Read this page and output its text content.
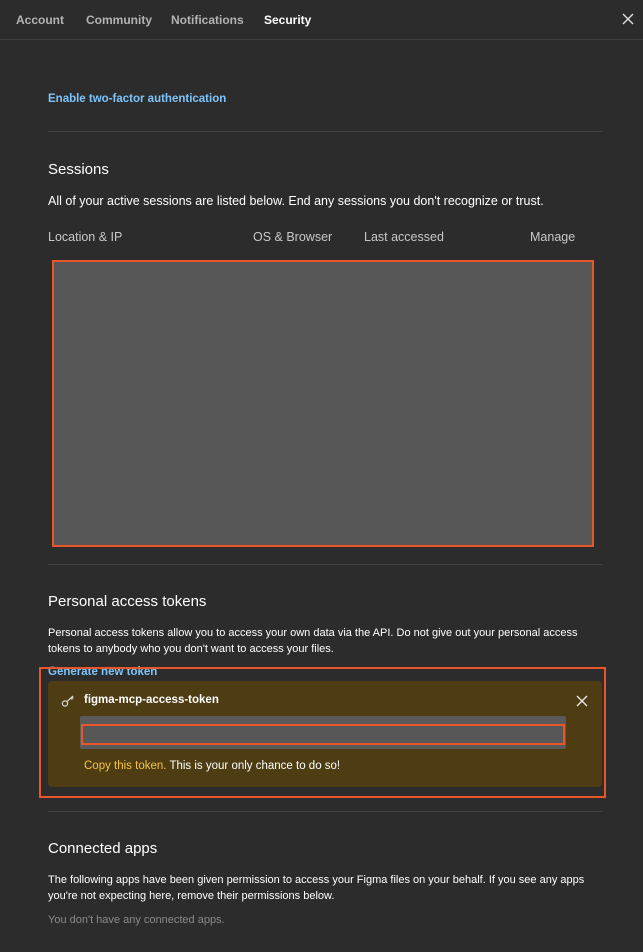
Account Community Notifications Security
Enable two-factor authentication
Sessions
All of your active sessions are listed below. End any sessions you don't recognize or trust.
Location & IP	OS & Browser	Last accessed	Manage
Personal access tokens
Personal access tokens allow you to access your own data via the API. Do not give out your personal access tokens to anybody who you don't want to access your files.
Generate new token
figma-mcp-access-token
Copy this token. This is your only chance to do so!
Connected apps
The following apps have been given permission to access your Figma files on your behalf. If you see any apps you're not expecting here, remove their permissions below.
You don't have any connected apps.
